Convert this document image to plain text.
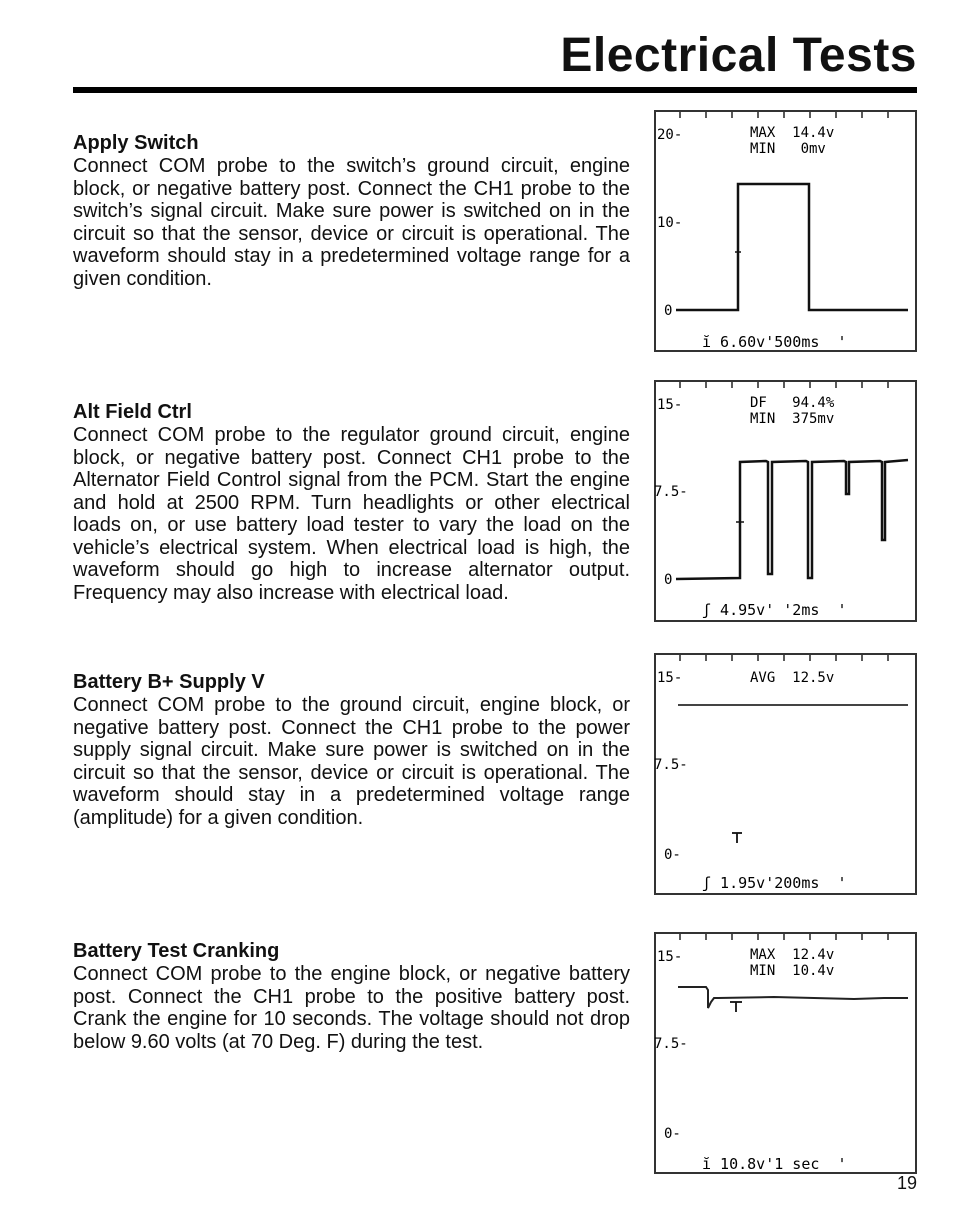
Electrical Tests
Apply Switch

Connect COM probe to the switch’s ground circuit, engine block, or negative battery post. Connect the CH1 probe to the switch’s signal circuit. Make sure power is switched on in the circuit so that the sensor, device or circuit is operational. The waveform should stay in a predetermined voltage range for a given condition.

20-
10-
0
MAX  14.4v
MIN   0mv
ĭ 6.60v'500ms  '
Alt Field Ctrl

Connect COM probe to the regulator ground circuit, engine block, or negative battery post. Connect CH1 probe to the Alternator Field Control signal from the PCM. Start the engine and hold at 2500 RPM. Turn headlights or other electrical loads on, or use battery load tester to vary the load on the vehicle’s electrical system. When electrical load is high, the waveform should go high to increase alternator output. Frequency may also increase with electrical load.

15-
7.5-
0
DF   94.4%
MIN  375mv
ʃ 4.95v' '2ms  '
Battery B+ Supply V

Connect COM probe to the ground circuit, engine block, or negative battery post. Connect the CH1 probe to the power supply signal circuit. Make sure power is switched on in the circuit so that the sensor, device or circuit is operational. The waveform should stay in a predetermined voltage range (amplitude) for a given condition.

15-
7.5-
0-
AVG  12.5v
ʃ 1.95v'200ms  '
Battery Test Cranking

Connect COM probe to the engine block, or negative battery post. Connect the CH1 probe to the positive battery post. Crank the engine for 10 seconds. The voltage should not drop below 9.60 volts (at 70 Deg. F) during the test.

15-
7.5-
0-
MAX  12.4v
MIN  10.4v
ĭ 10.8v'1 sec  '
19
